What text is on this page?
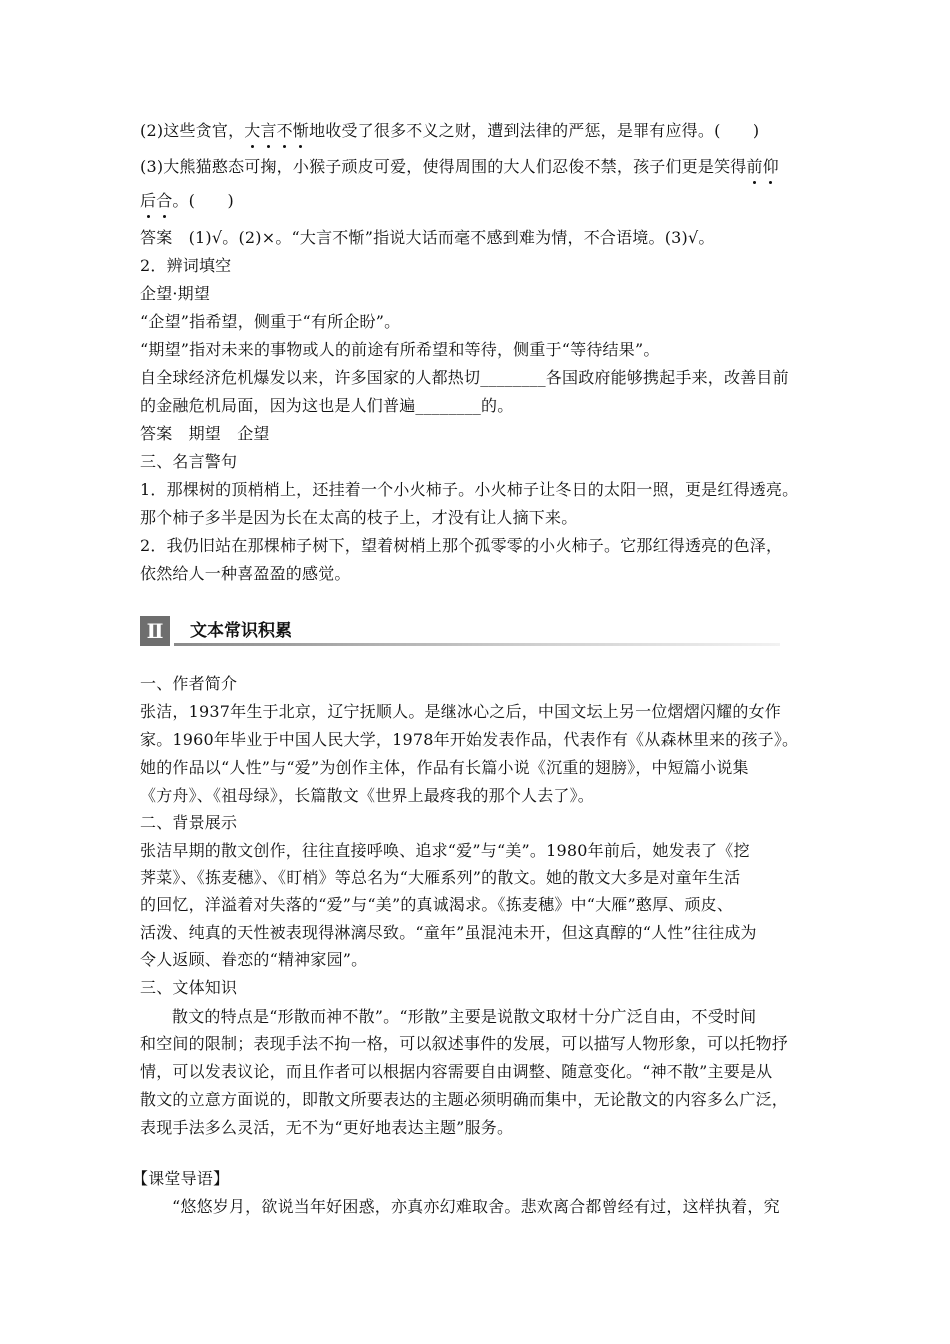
(2)这些贪官，大言不惭地收受了很多不义之财，遭到法律的严惩，是罪有应得。(　　)
(3)大熊猫憨态可掬，小猴子顽皮可爱，使得周围的大人们忍俊不禁，孩子们更是笑得前仰
后合。(　　)
答案　(1)√。(2)×。“大言不惭”指说大话而毫不感到难为情，不合语境。(3)√。
2．辨词填空
企望·期望
“企望”指希望，侧重于“有所企盼”。
“期望”指对未来的事物或人的前途有所希望和等待，侧重于“等待结果”。
自全球经济危机爆发以来，许多国家的人都热切________各国政府能够携起手来，改善目前
的金融危机局面，因为这也是人们普遍________的。
答案　期望　企望
三、名言警句
1．那棵树的顶梢梢上，还挂着一个小火柿子。小火柿子让冬日的太阳一照，更是红得透亮。
那个柿子多半是因为长在太高的枝子上，才没有让人摘下来。
2．我仍旧站在那棵柿子树下，望着树梢上那个孤零零的小火柿子。它那红得透亮的色泽，
依然给人一种喜盈盈的感觉。
Ⅱ	文本常识积累
一、作者简介
张洁，1937年生于北京，辽宁抚顺人。是继冰心之后，中国文坛上另一位熠熠闪耀的女作
家。1960年毕业于中国人民大学，1978年开始发表作品，代表作有《从森林里来的孩子》。
她的作品以“人性”与“爱”为创作主体，作品有长篇小说《沉重的翅膀》，中短篇小说集
《方舟》、《祖母绿》，长篇散文《世界上最疼我的那个人去了》。
二、背景展示
张洁早期的散文创作，往往直接呼唤、追求“爱”与“美”。1980年前后，她发表了《挖
荠菜》、《拣麦穗》、《盯梢》等总名为“大雁系列”的散文。她的散文大多是对童年生活
的回忆，洋溢着对失落的“爱”与“美”的真诚渴求。《拣麦穗》中“大雁”憨厚、顽皮、
活泼、纯真的天性被表现得淋漓尽致。“童年”虽混沌未开，但这真醇的“人性”往往成为
令人返顾、眷恋的“精神家园”。
三、文体知识
散文的特点是“形散而神不散”。“形散”主要是说散文取材十分广泛自由，不受时间
和空间的限制；表现手法不拘一格，可以叙述事件的发展，可以描写人物形象，可以托物抒
情，可以发表议论，而且作者可以根据内容需要自由调整、随意变化。“神不散”主要是从
散文的立意方面说的，即散文所要表达的主题必须明确而集中，无论散文的内容多么广泛，
表现手法多么灵活，无不为“更好地表达主题”服务。
【课堂导语】
“悠悠岁月，欲说当年好困惑，亦真亦幻难取舍。悲欢离合都曾经有过，这样执着，究
